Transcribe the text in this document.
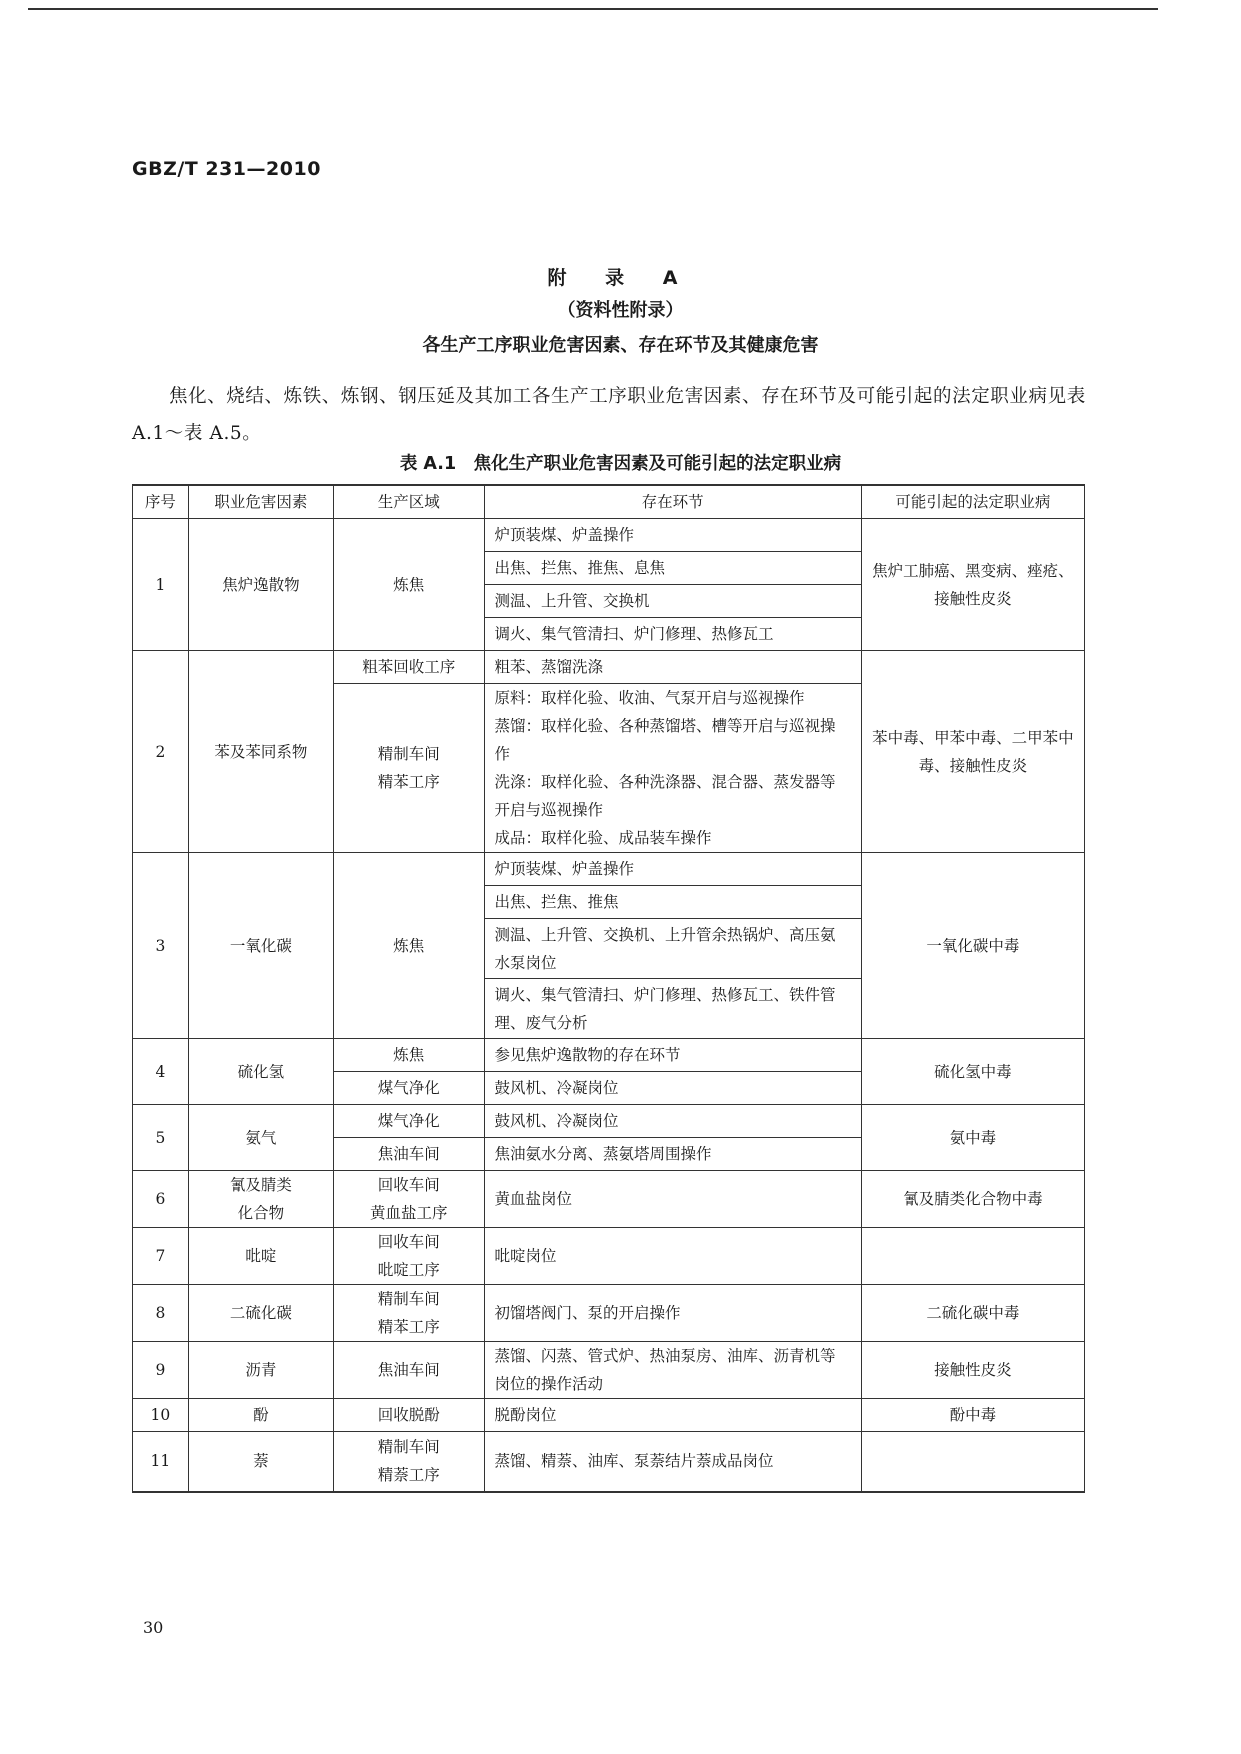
GBZ/T 231—2010
附 录 A
（资料性附录）
各生产工序职业危害因素、存在环节及其健康危害

焦化、烧结、炼铁、炼钢、钢压延及其加工各生产工序职业危害因素、存在环节及可能引起的法定职业病见表 A.1～表 A.5。

表 A.1　焦化生产职业危害因素及可能引起的法定职业病
序号	职业危害因素	生产区域	存在环节	可能引起的法定职业病

1	焦炉逸散物	炼焦	炉顶装煤、炉盖操作	焦炉工肺癌、黑变病、痤疮、接触性皮炎

			出焦、拦焦、推焦、息焦	

			测温、上升管、交换机	

			调火、集气管清扫、炉门修理、热修瓦工	

2	苯及苯同系物	粗苯回收工序	粗苯、蒸馏洗涤	苯中毒、甲苯中毒、二甲苯中毒、接触性皮炎

		精制车间
精苯工序	原料：取样化验、收油、气泵开启与巡视操作
蒸馏：取样化验、各种蒸馏塔、槽等开启与巡视操作
洗涤：取样化验、各种洗涤器、混合器、蒸发器等开启与巡视操作
成品：取样化验、成品装车操作	

3	一氧化碳	炼焦	炉顶装煤、炉盖操作	一氧化碳中毒

			出焦、拦焦、推焦	

			测温、上升管、交换机、上升管余热锅炉、高压氨水泵岗位	

			调火、集气管清扫、炉门修理、热修瓦工、铁件管理、废气分析	

4	硫化氢	炼焦	参见焦炉逸散物的存在环节	硫化氢中毒

		煤气净化	鼓风机、冷凝岗位	

5	氨气	煤气净化	鼓风机、冷凝岗位	氨中毒

		焦油车间	焦油氨水分离、蒸氨塔周围操作	

6	氰及腈类
化合物	回收车间
黄血盐工序	黄血盐岗位	氰及腈类化合物中毒

7	吡啶	回收车间
吡啶工序	吡啶岗位	

8	二硫化碳	精制车间
精苯工序	初馏塔阀门、泵的开启操作	二硫化碳中毒

9	沥青	焦油车间	蒸馏、闪蒸、管式炉、热油泵房、油库、沥青机等岗位的操作活动	接触性皮炎

10	酚	回收脱酚	脱酚岗位	酚中毒

11	萘	精制车间
精萘工序	蒸馏、精萘、油库、泵萘结片萘成品岗位	

30
